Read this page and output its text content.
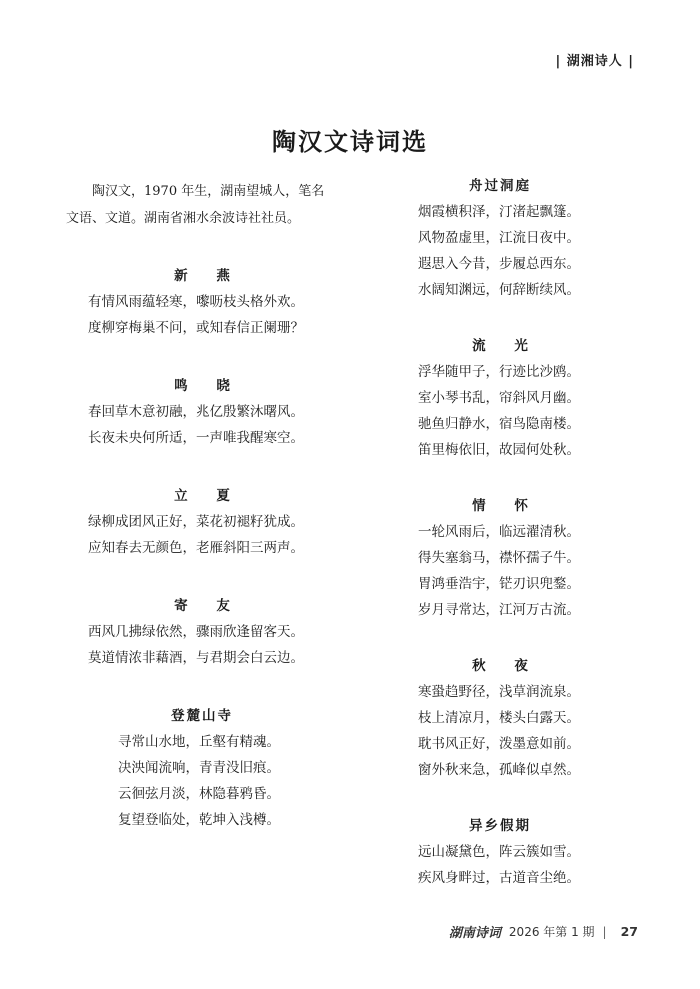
| 湖湘诗人 |
陶汉文诗词选
陶汉文，1970 年生，湖南望城人，笔名
文语、文道。湖南省湘水余波诗社社员。
新 燕
有情风雨蕴轻寒，嚟呖枝头格外欢。
度柳穿梅巢不问，或知春信正阑珊？
鸣 晓
春回草木意初融，兆亿殷繁沐曙风。
长夜未央何所适，一声唯我醒寒空。
立 夏
绿柳成团风正好，菜花初褪籽犹成。
应知春去无颜色，老雁斜阳三两声。
寄 友
西风几拂绿依然，骤雨欣逢留客天。
莫道情浓非藉酒，与君期会白云边。
登麓山寺
寻常山水地，丘壑有精魂。
决泱闻流响，青青没旧痕。
云徊弦月淡，林隐暮鸦昏。
复望登临处，乾坤入浅樽。
舟过洞庭
烟霞横积泽，汀渚起飘篷。
风物盈虚里，江流日夜中。
遐思入今昔，步履总西东。
水阔知渊远，何辞断续风。
流 光
浮华随甲子，行迹比沙鸥。
室小琴书乱，帘斜风月幽。
驰鱼归静水，宿鸟隐南楼。
笛里梅依旧，故园何处秋。
情 怀
一轮风雨后，临远濯清秋。
得失塞翁马，襟怀孺子牛。
胃鸿垂浩宇，铓刃识兜鍪。
岁月寻常达，江河万古流。
秋 夜
寒蛩趋野径，浅草润流泉。
枝上清凉月，楼头白露天。
耽书风正好，泼墨意如前。
窗外秋来急，孤峰似卓然。
异乡假期
远山凝黛色，阵云簇如雪。
疾风身畔过，古道音尘绝。
湖南诗词 2026 年第 1 期 | 27
